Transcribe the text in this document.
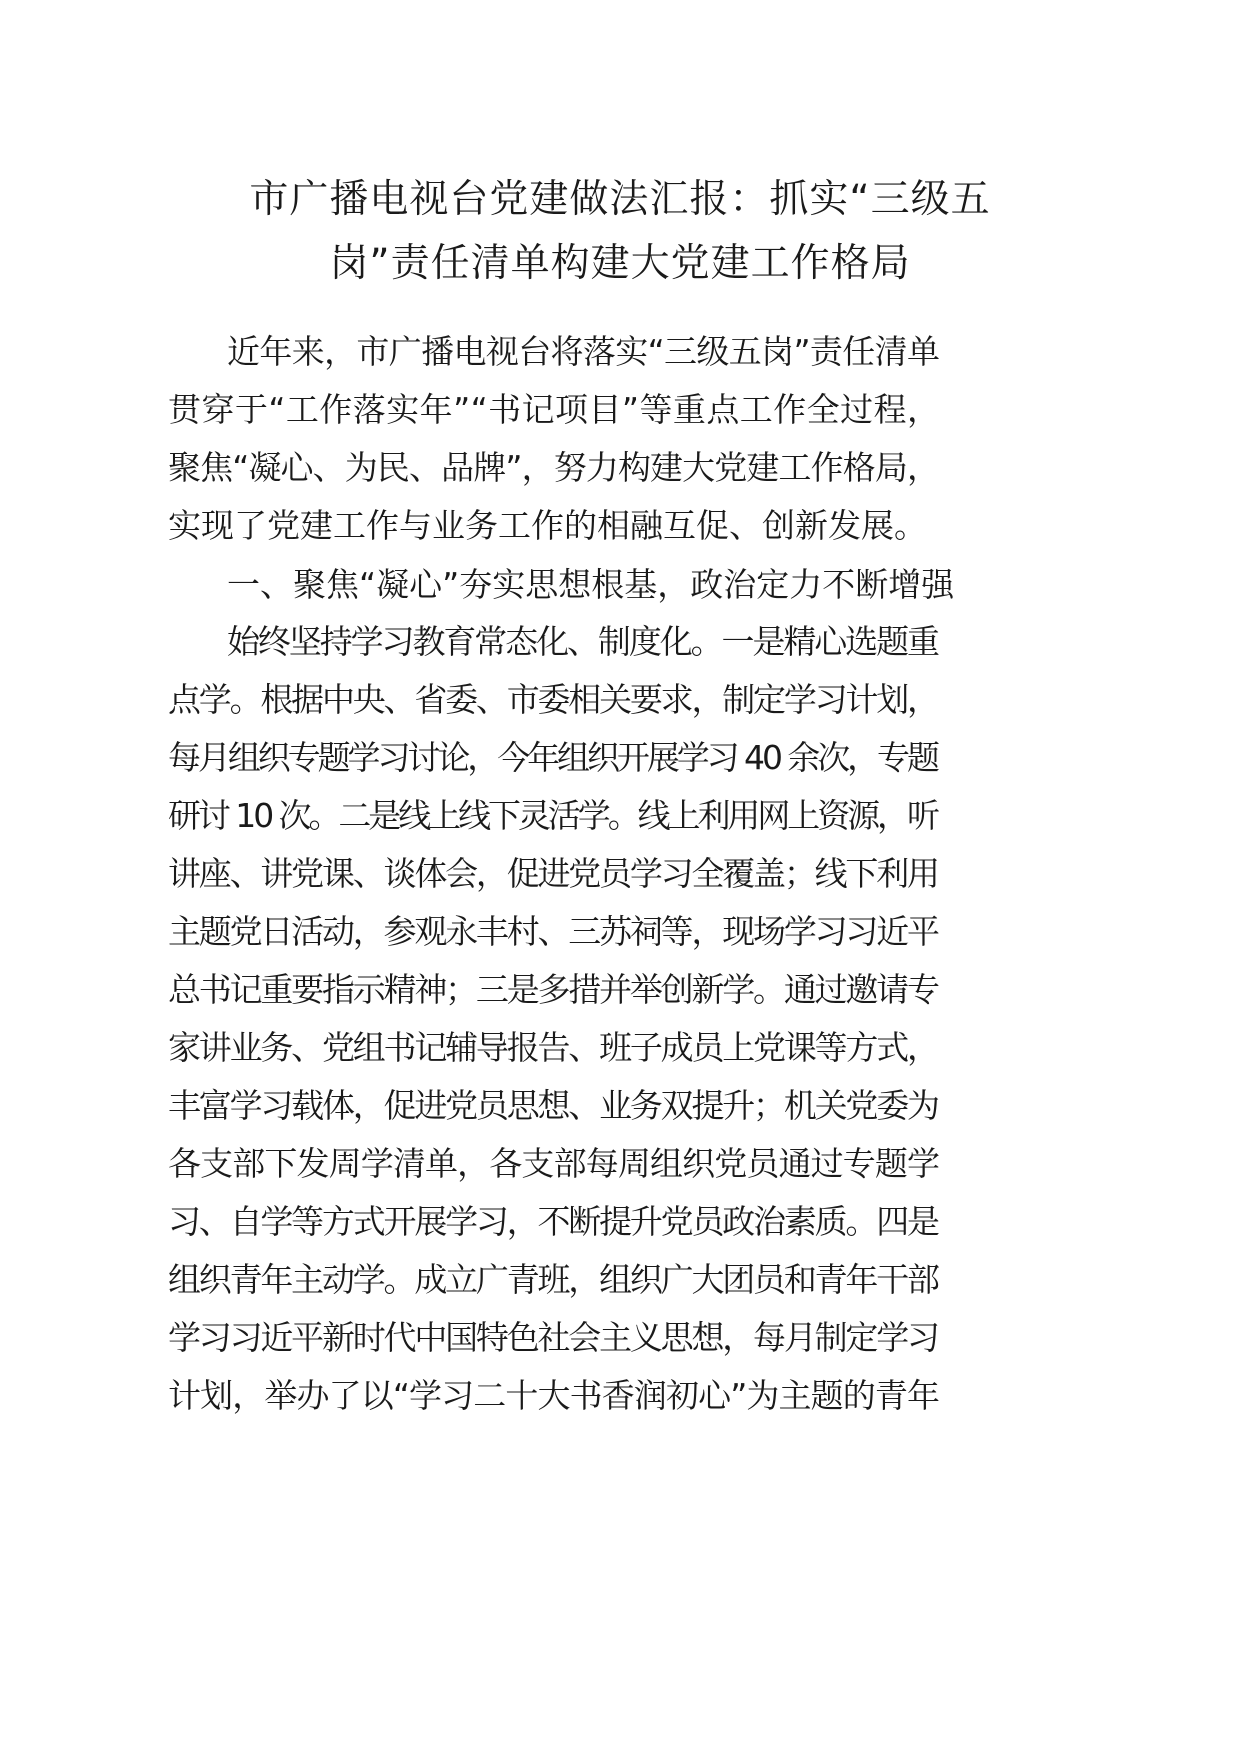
市广播电视台党建做法汇报：抓实“三级五
岗”责任清单构建大党建工作格局
近年来，市广播电视台将落实“三级五岗”责任清单
贯穿于“工作落实年”“书记项目”等重点工作全过程，
聚焦“凝心、为民、品牌”，努力构建大党建工作格局，
实现了党建工作与业务工作的相融互促、创新发展。
一、聚焦“凝心”夯实思想根基，政治定力不断增强
始终坚持学习教育常态化、制度化。一是精心选题重
点学。根据中央、省委、市委相关要求，制定学习计划，
每月组织专题学习讨论，今年组织开展学习 40 余次，专题
研讨 10 次。二是线上线下灵活学。线上利用网上资源，听
讲座、讲党课、谈体会，促进党员学习全覆盖；线下利用
主题党日活动，参观永丰村、三苏祠等，现场学习习近平
总书记重要指示精神；三是多措并举创新学。通过邀请专
家讲业务、党组书记辅导报告、班子成员上党课等方式，
丰富学习载体，促进党员思想、业务双提升；机关党委为
各支部下发周学清单，各支部每周组织党员通过专题学
习、自学等方式开展学习，不断提升党员政治素质。四是
组织青年主动学。成立广青班，组织广大团员和青年干部
学习习近平新时代中国特色社会主义思想，每月制定学习
计划，举办了以“学习二十大书香润初心”为主题的青年
